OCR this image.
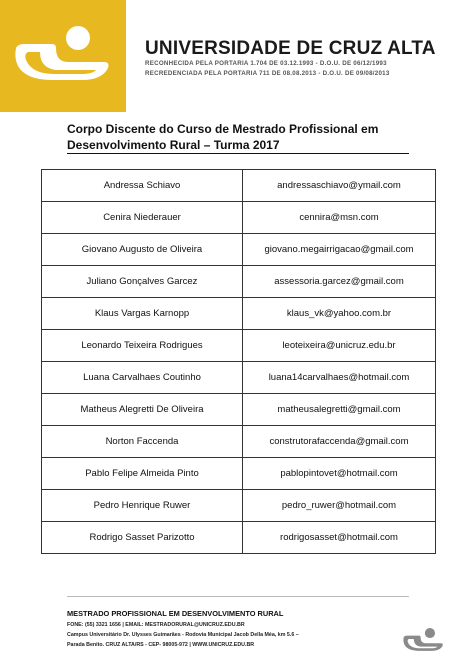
UNIVERSIDADE DE CRUZ ALTA
RECONHECIDA PELA PORTARIA 1.704 DE 03.12.1993 - D.O.U. DE 06/12/1993
RECREDENCIADA PELA PORTARIA 711 DE 08.08.2013 - D.O.U. DE 09/08/2013
Corpo Discente do Curso de Mestrado Profissional em
Desenvolvimento Rural – Turma 2017
Andressa Schiavo	andressaschiavo@ymail.com
Cenira Niederauer	cennira@msn.com
Giovano Augusto de Oliveira	giovano.megairrigacao@gmail.com
Juliano Gonçalves Garcez	assessoria.garcez@gmail.com
Klaus Vargas Karnopp	klaus_vk@yahoo.com.br
Leonardo Teixeira Rodrigues	leoteixeira@unicruz.edu.br
Luana Carvalhaes Coutinho	luana14carvalhaes@hotmail.com
Matheus Alegretti De Oliveira	matheusalegretti@gmail.com
Norton Faccenda	construtorafaccenda@gmail.com
Pablo Felipe Almeida Pinto	pablopintovet@hotmail.com
Pedro Henrique Ruwer	pedro_ruwer@hotmail.com
Rodrigo Sasset Parizotto	rodrigosasset@hotmail.com
MESTRADO PROFISSIONAL EM DESENVOLVIMENTO RURAL
FONE: (55) 3321 1656 | EMAIL: MESTRADORURAL@UNICRUZ.EDU.BR
Campus Universitário Dr. Ulysses Guimarães - Rodovia Municipal Jacob Della Méa, km 5.6 –
Parada Benito. CRUZ ALTA/RS - CEP- 98005-972 | WWW.UNICRUZ.EDU.BR
